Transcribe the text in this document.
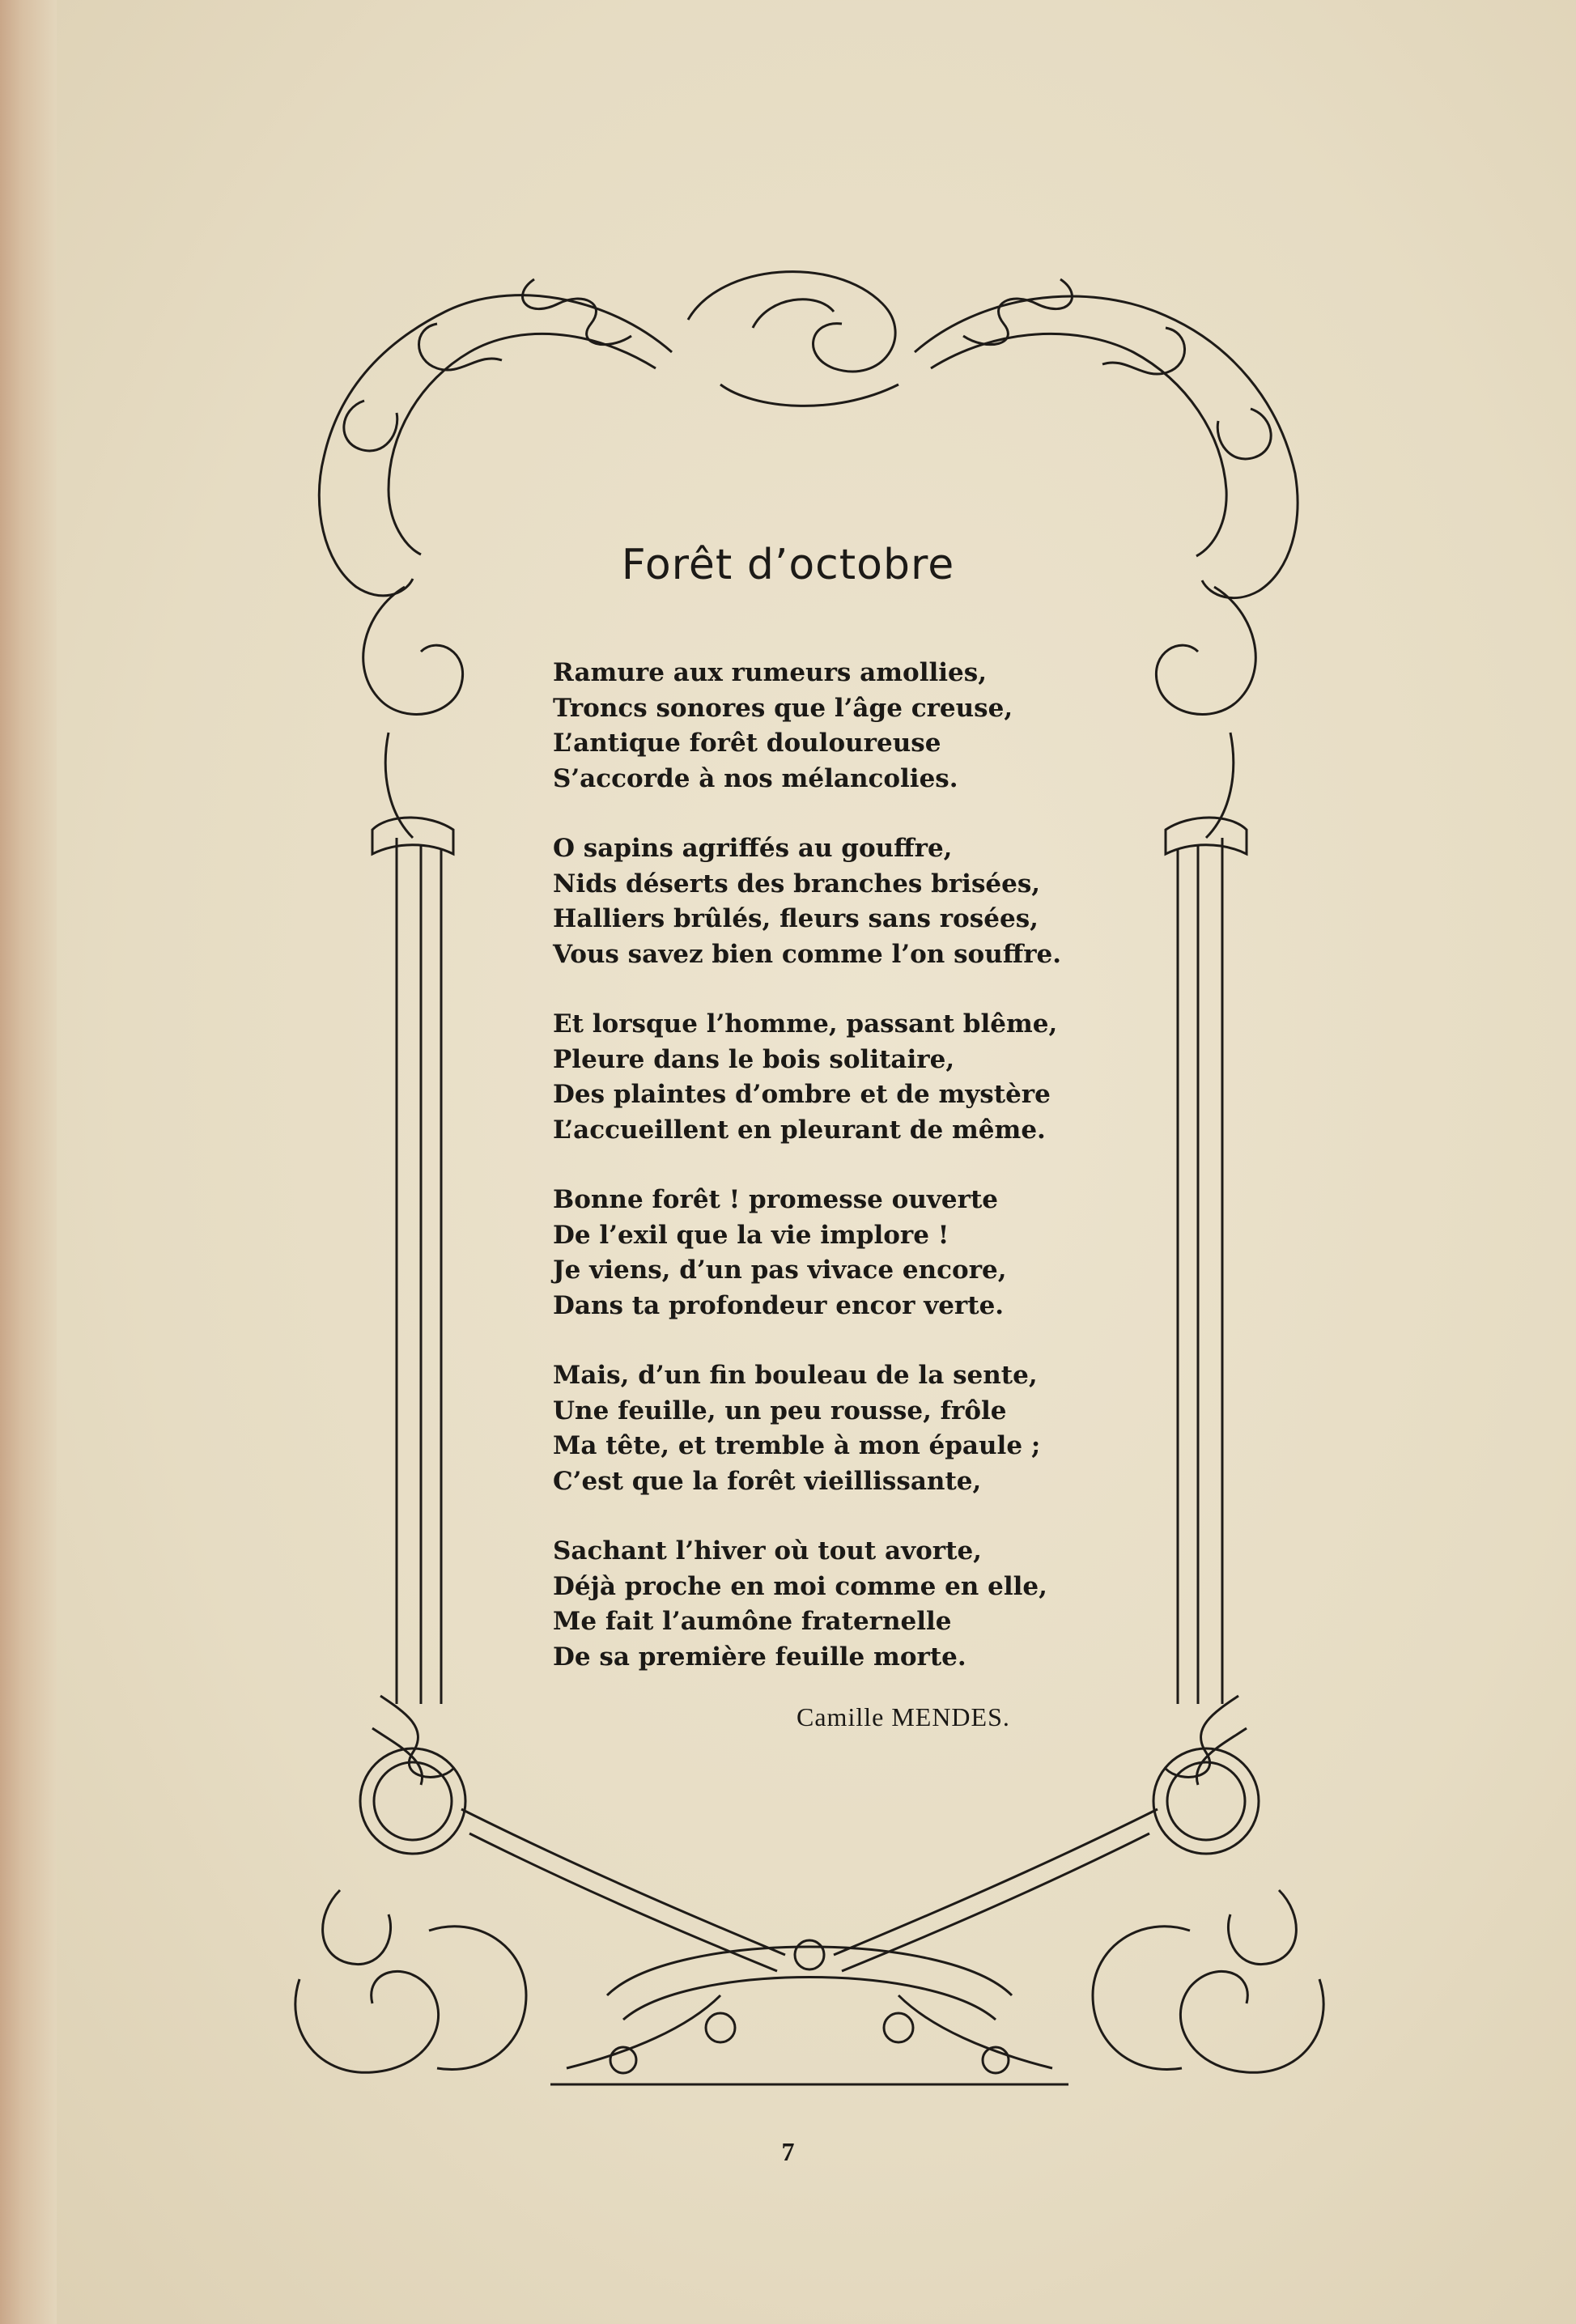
Forêt d’octobre
Ramure aux rumeurs amollies,
Troncs sonores que l’âge creuse,
L’antique forêt douloureuse
S’accorde à nos mélancolies.
O sapins agriffés au gouffre,
Nids déserts des branches brisées,
Halliers brûlés, fleurs sans rosées,
Vous savez bien comme l’on souffre.
Et lorsque l’homme, passant blême,
Pleure dans le bois solitaire,
Des plaintes d’ombre et de mystère
L’accueillent en pleurant de même.
Bonne forêt ! promesse ouverte
De l’exil que la vie implore !
Je viens, d’un pas vivace encore,
Dans ta profondeur encor verte.
Mais, d’un fin bouleau de la sente,
Une feuille, un peu rousse, frôle
Ma tête, et tremble à mon épaule ;
C’est que la forêt vieillissante,
Sachant l’hiver où tout avorte,
Déjà proche en moi comme en elle,
Me fait l’aumône fraternelle
De sa première feuille morte.
Camille MENDES.
7
